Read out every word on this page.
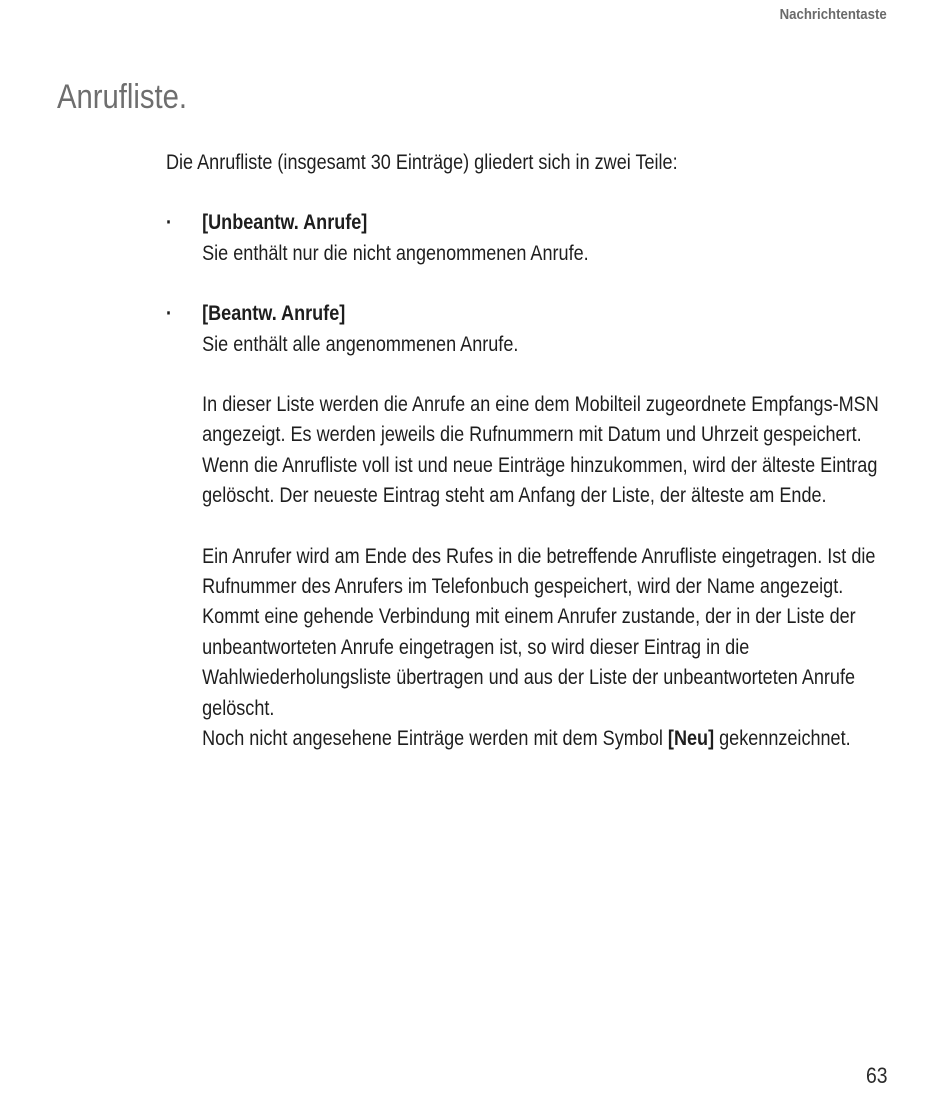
Nachrichtentaste
Anrufliste.

Die Anrufliste (insgesamt 30 Einträge) gliedert sich in zwei Teile:

· [Unbeantw. Anrufe]
Sie enthält nur die nicht angenommenen Anrufe.
· [Beantw. Anrufe]
Sie enthält alle angenommenen Anrufe.

In dieser Liste werden die Anrufe an eine dem Mobilteil zugeordnete Empfangs-MSN angezeigt. Es werden jeweils die Rufnummern mit Datum und Uhrzeit gespeichert. Wenn die Anrufliste voll ist und neue Einträge hinzukommen, wird der älteste Eintrag gelöscht. Der neueste Eintrag steht am Anfang der Liste, der älteste am Ende.

Ein Anrufer wird am Ende des Rufes in die betreffende Anrufliste eingetragen. Ist die Rufnummer des Anrufers im Telefonbuch gespeichert, wird der Name angezeigt. Kommt eine gehende Verbindung mit einem Anrufer zustande, der in der Liste der unbeantworteten Anrufe eingetragen ist, so wird dieser Eintrag in die Wahlwiederholungsliste übertragen und aus der Liste der unbeantworteten Anrufe gelöscht.

Noch nicht angesehene Einträge werden mit dem Symbol [Neu] gekennzeichnet.

63
